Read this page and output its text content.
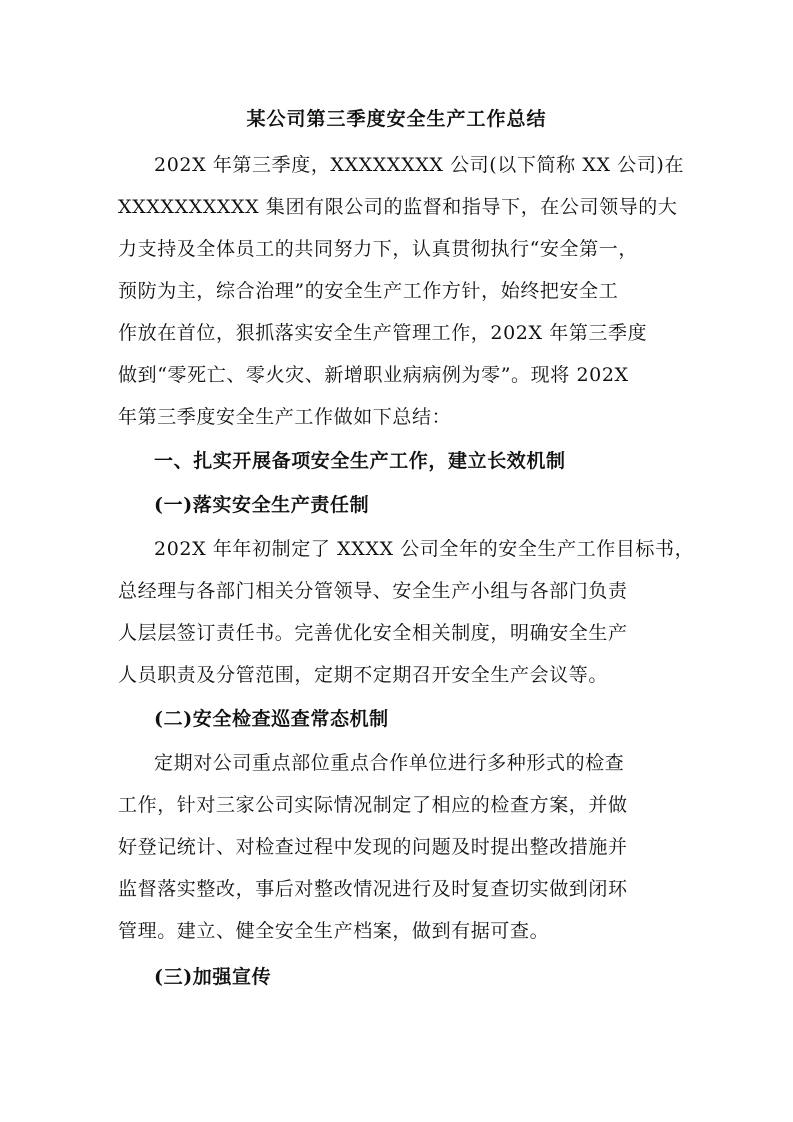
某公司第三季度安全生产工作总结
202X 年第三季度，XXXXXXXX 公司(以下简称 XX 公司)在
XXXXXXXXXX 集团有限公司的监督和指导下，在公司领导的大
力支持及全体员工的共同努力下，认真贯彻执行“安全第一，
预防为主，综合治理”的安全生产工作方针，始终把安全工
作放在首位，狠抓落实安全生产管理工作，202X 年第三季度
做到“零死亡、零火灾、新增职业病病例为零”。现将 202X
年第三季度安全生产工作做如下总结：
一、扎实开展备项安全生产工作，建立长效机制
(一)落实安全生产责任制
202X 年年初制定了 XXXX 公司全年的安全生产工作目标书，
总经理与各部门相关分管领导、安全生产小组与各部门负责
人层层签订责任书。完善优化安全相关制度，明确安全生产
人员职责及分管范围，定期不定期召开安全生产会议等。
(二)安全检查巡查常态机制
定期对公司重点部位重点合作单位进行多种形式的检查
工作，针对三家公司实际情况制定了相应的检查方案，并做
好登记统计、对检查过程中发现的问题及时提出整改措施并
监督落实整改，事后对整改情况进行及时复查切实做到闭环
管理。建立、健全安全生产档案，做到有据可查。
(三)加强宣传
